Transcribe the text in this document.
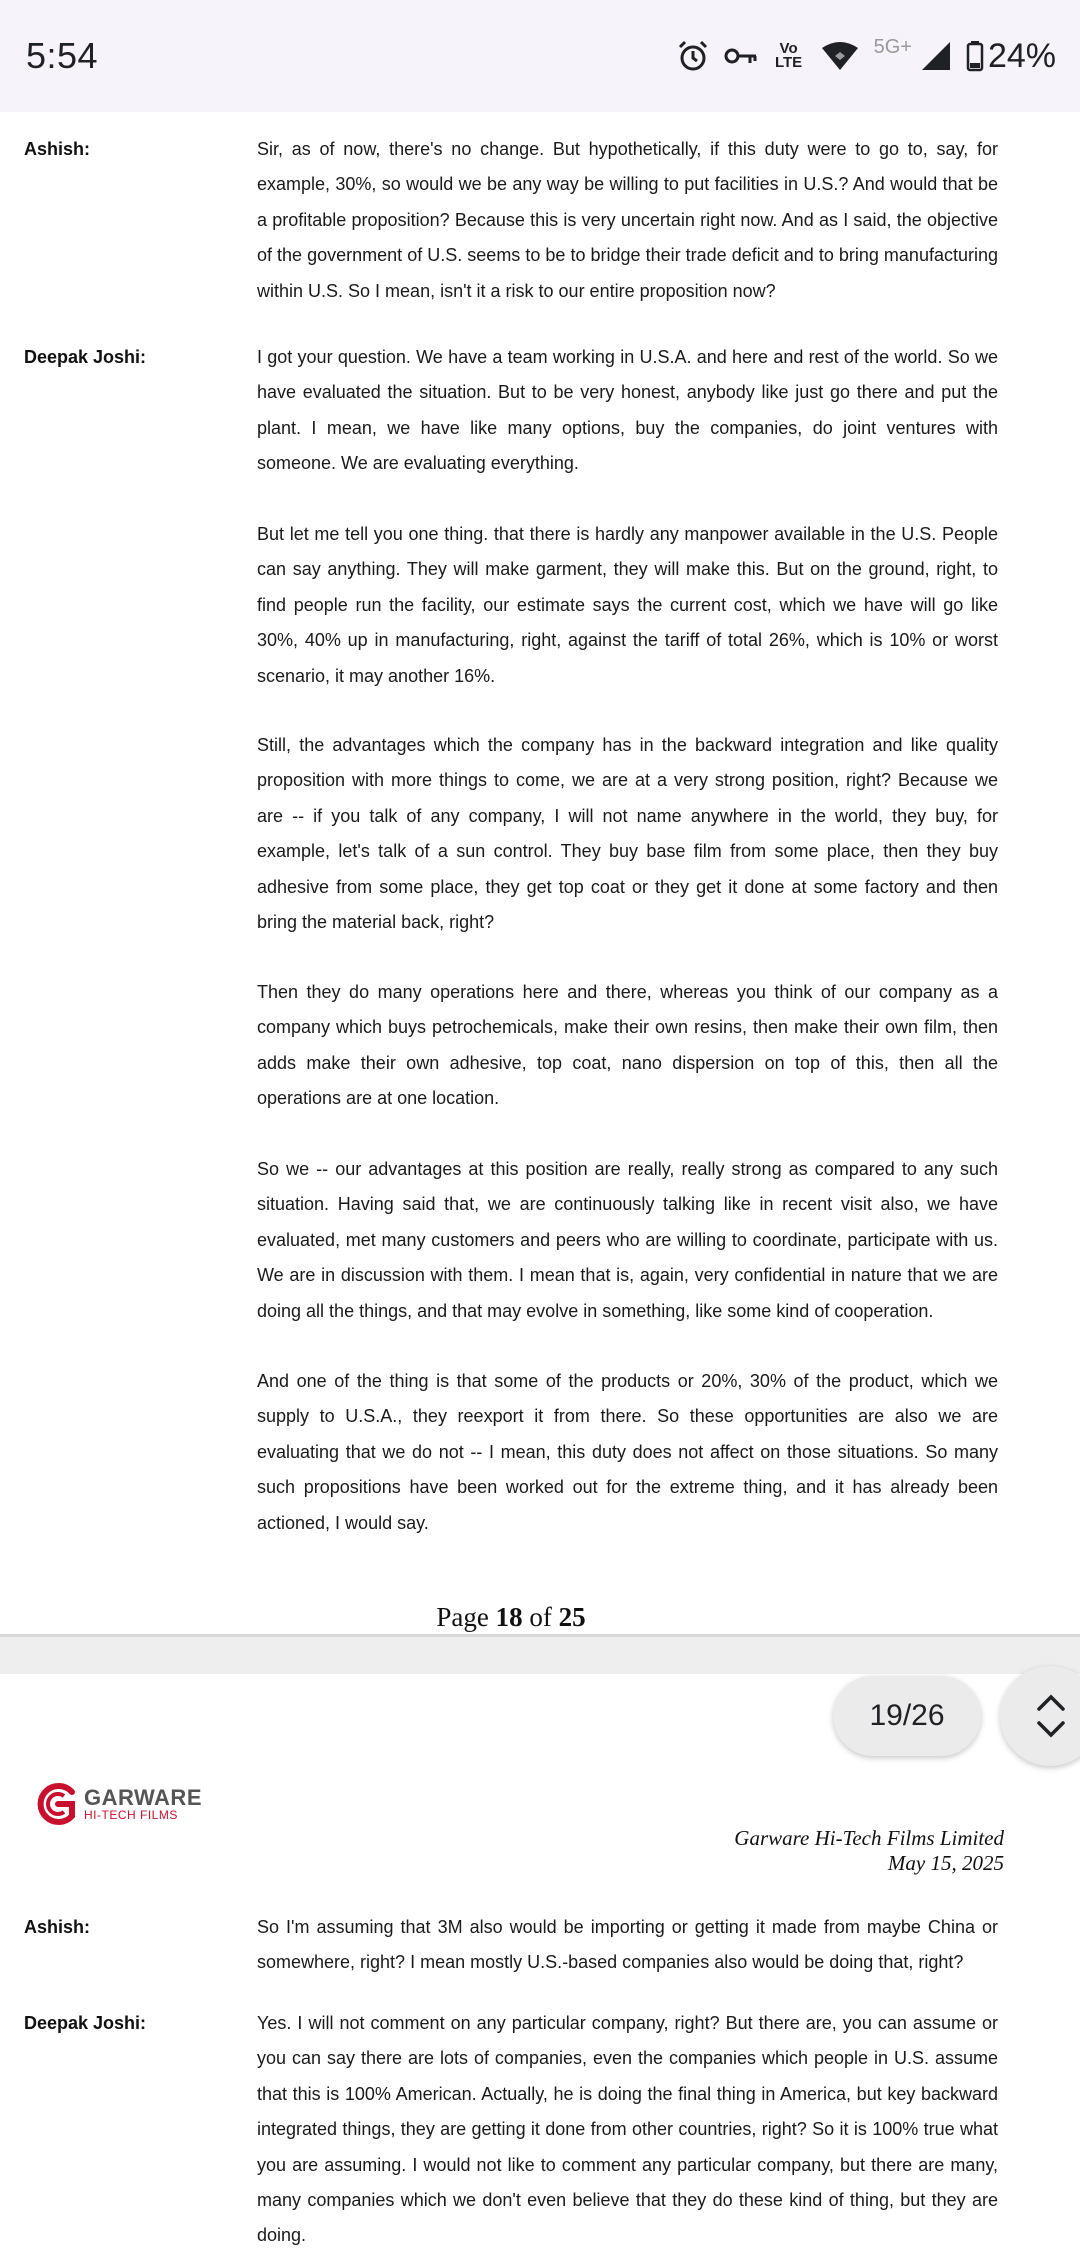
5:54	Vo LTE
5G+ 24%
Ashish:	Sir, as of now, there's no change. But hypothetically, if this duty were to go to, say, for example, 30%, so would we be any way be willing to put facilities in U.S.? And would that be a profitable proposition? Because this is very uncertain right now. And as I said, the objective of the government of U.S. seems to be to bridge their trade deficit and to bring manufacturing within U.S. So I mean, isn't it a risk to our entire proposition now?

Deepak Joshi:	I got your question. We have a team working in U.S.A. and here and rest of the world. So we have evaluated the situation. But to be very honest, anybody like just go there and put the plant. I mean, we have like many options, buy the companies, do joint ventures with someone. We are evaluating everything.

But let me tell you one thing. that there is hardly any manpower available in the U.S. People can say anything. They will make garment, they will make this. But on the ground, right, to find people run the facility, our estimate says the current cost, which we have will go like 30%, 40% up in manufacturing, right, against the tariff of total 26%, which is 10% or worst scenario, it may another 16%.

Still, the advantages which the company has in the backward integration and like quality proposition with more things to come, we are at a very strong position, right? Because we are -- if you talk of any company, I will not name anywhere in the world, they buy, for example, let's talk of a sun control. They buy base film from some place, then they buy adhesive from some place, they get top coat or they get it done at some factory and then bring the material back, right?

Then they do many operations here and there, whereas you think of our company as a company which buys petrochemicals, make their own resins, then make their own film, then adds make their own adhesive, top coat, nano dispersion on top of this, then all the operations are at one location.

So we -- our advantages at this position are really, really strong as compared to any such situation. Having said that, we are continuously talking like in recent visit also, we have evaluated, met many customers and peers who are willing to coordinate, participate with us. We are in discussion with them. I mean that is, again, very confidential in nature that we are doing all the things, and that may evolve in something, like some kind of cooperation.

And one of the thing is that some of the products or 20%, 30% of the product, which we supply to U.S.A., they reexport it from there. So these opportunities are also we are evaluating that we do not -- I mean, this duty does not affect on those situations. So many such propositions have been worked out for the extreme thing, and it has already been actioned, I would say.

Page 18 of 25
Ashish:	So I'm assuming that 3M also would be importing or getting it made from maybe China or somewhere, right? I mean mostly U.S.-based companies also would be doing that, right?

Deepak Joshi:	Yes. I will not comment on any particular company, right? But there are, you can assume or you can say there are lots of companies, even the companies which people in U.S. assume that this is 100% American. Actually, he is doing the final thing in America, but key backward integrated things, they are getting it done from other countries, right? So it is 100% true what you are assuming. I would not like to comment any particular company, but there are many, many companies which we don't even believe that they do these kind of thing, but they are doing.

GARWARE
HI-TECH FILMS
Garware Hi-Tech Films Limited
May 15, 2025
19/26
